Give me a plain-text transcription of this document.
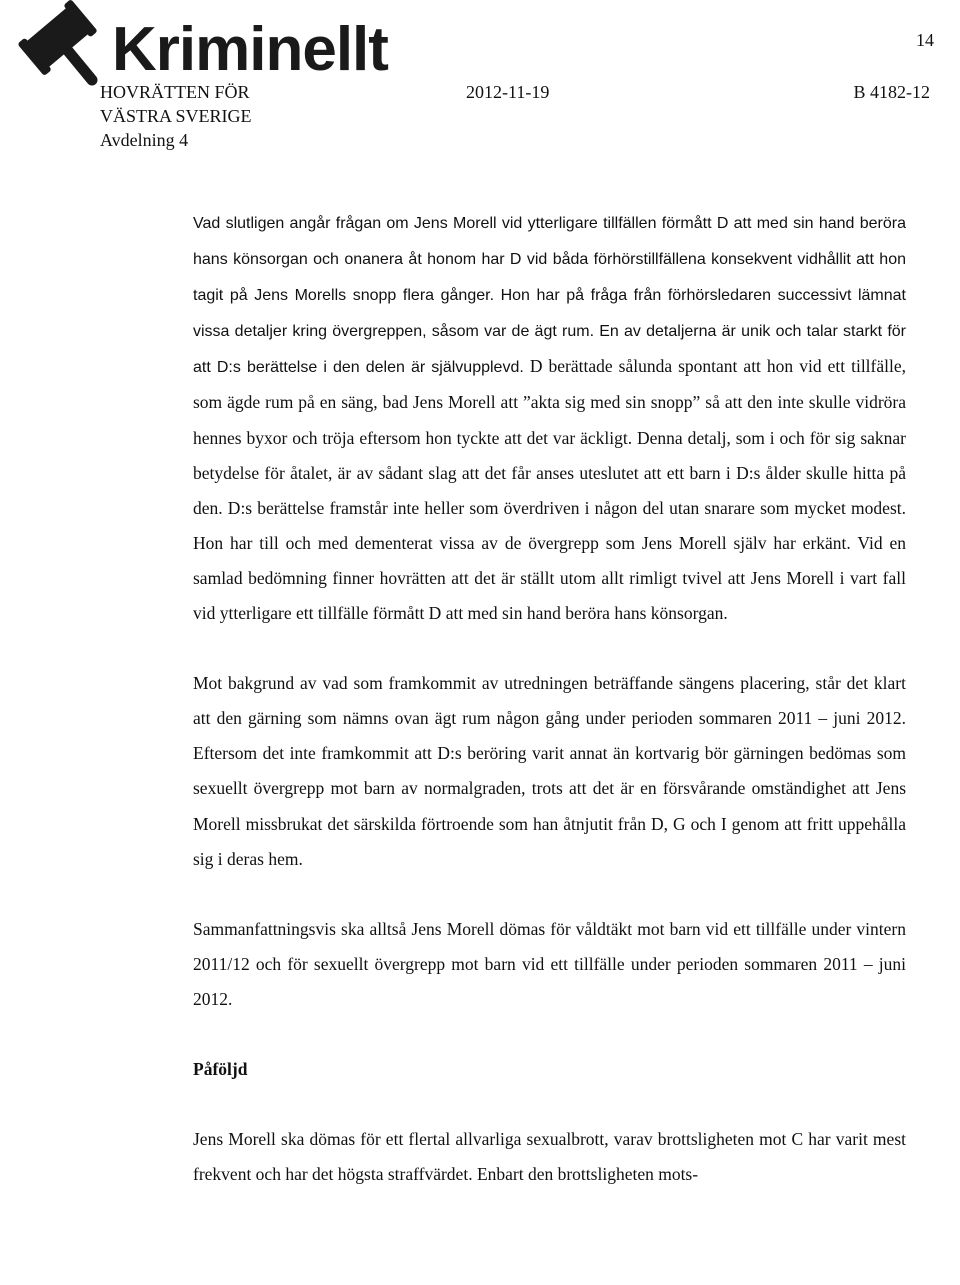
Kriminellt	14
HOVRÄTTEN FÖR	2012-11-19	B 4182-12
VÄSTRA SVERIGE
Avdelning 4

Vad slutligen angår frågan om Jens Morell vid ytterligare tillfällen förmått D att med sin hand beröra hans könsorgan och onanera åt honom har D vid båda förhörstillfällena konsekvent vidhållit att hon tagit på Jens Morells snopp flera gånger. Hon har på fråga från förhörsledaren successivt lämnat vissa detaljer kring övergreppen, såsom var de ägt rum. En av detaljerna är unik och talar starkt för att D:s berättelse i den delen är självupplevd. D berättade sålunda spontant att hon vid ett tillfälle, som ägde rum på en säng, bad Jens Morell att ”akta sig med sin snopp” så att den inte skulle vidröra hennes byxor och tröja eftersom hon tyckte att det var äckligt. Denna detalj, som i och för sig saknar betydelse för åtalet, är av sådant slag att det får anses uteslutet att ett barn i D:s ålder skulle hitta på den. D:s berättelse framstår inte heller som överdriven i någon del utan snarare som mycket modest. Hon har till och med dementerat vissa av de övergrepp som Jens Morell själv har erkänt. Vid en samlad bedömning finner hovrätten att det är ställt utom allt rimligt tvivel att Jens Morell i vart fall vid ytterligare ett tillfälle förmått D att med sin hand beröra hans könsorgan.

Mot bakgrund av vad som framkommit av utredningen beträffande sängens placering, står det klart att den gärning som nämns ovan ägt rum någon gång under perioden sommaren 2011 – juni 2012. Eftersom det inte framkommit att D:s beröring varit annat än kortvarig bör gärningen bedömas som sexuellt övergrepp mot barn av normalgraden, trots att det är en försvårande omständighet att Jens Morell missbrukat det särskilda förtroende som han åtnjutit från D, G och I genom att fritt uppehålla sig i deras hem.

Sammanfattningsvis ska alltså Jens Morell dömas för våldtäkt mot barn vid ett tillfälle under vintern 2011/12 och för sexuellt övergrepp mot barn vid ett tillfälle under perioden sommaren 2011 – juni 2012.

Påföljd

Jens Morell ska dömas för ett flertal allvarliga sexualbrott, varav brottsligheten mot C har varit mest frekvent och har det högsta straffvärdet. Enbart den brottsligheten mots-
